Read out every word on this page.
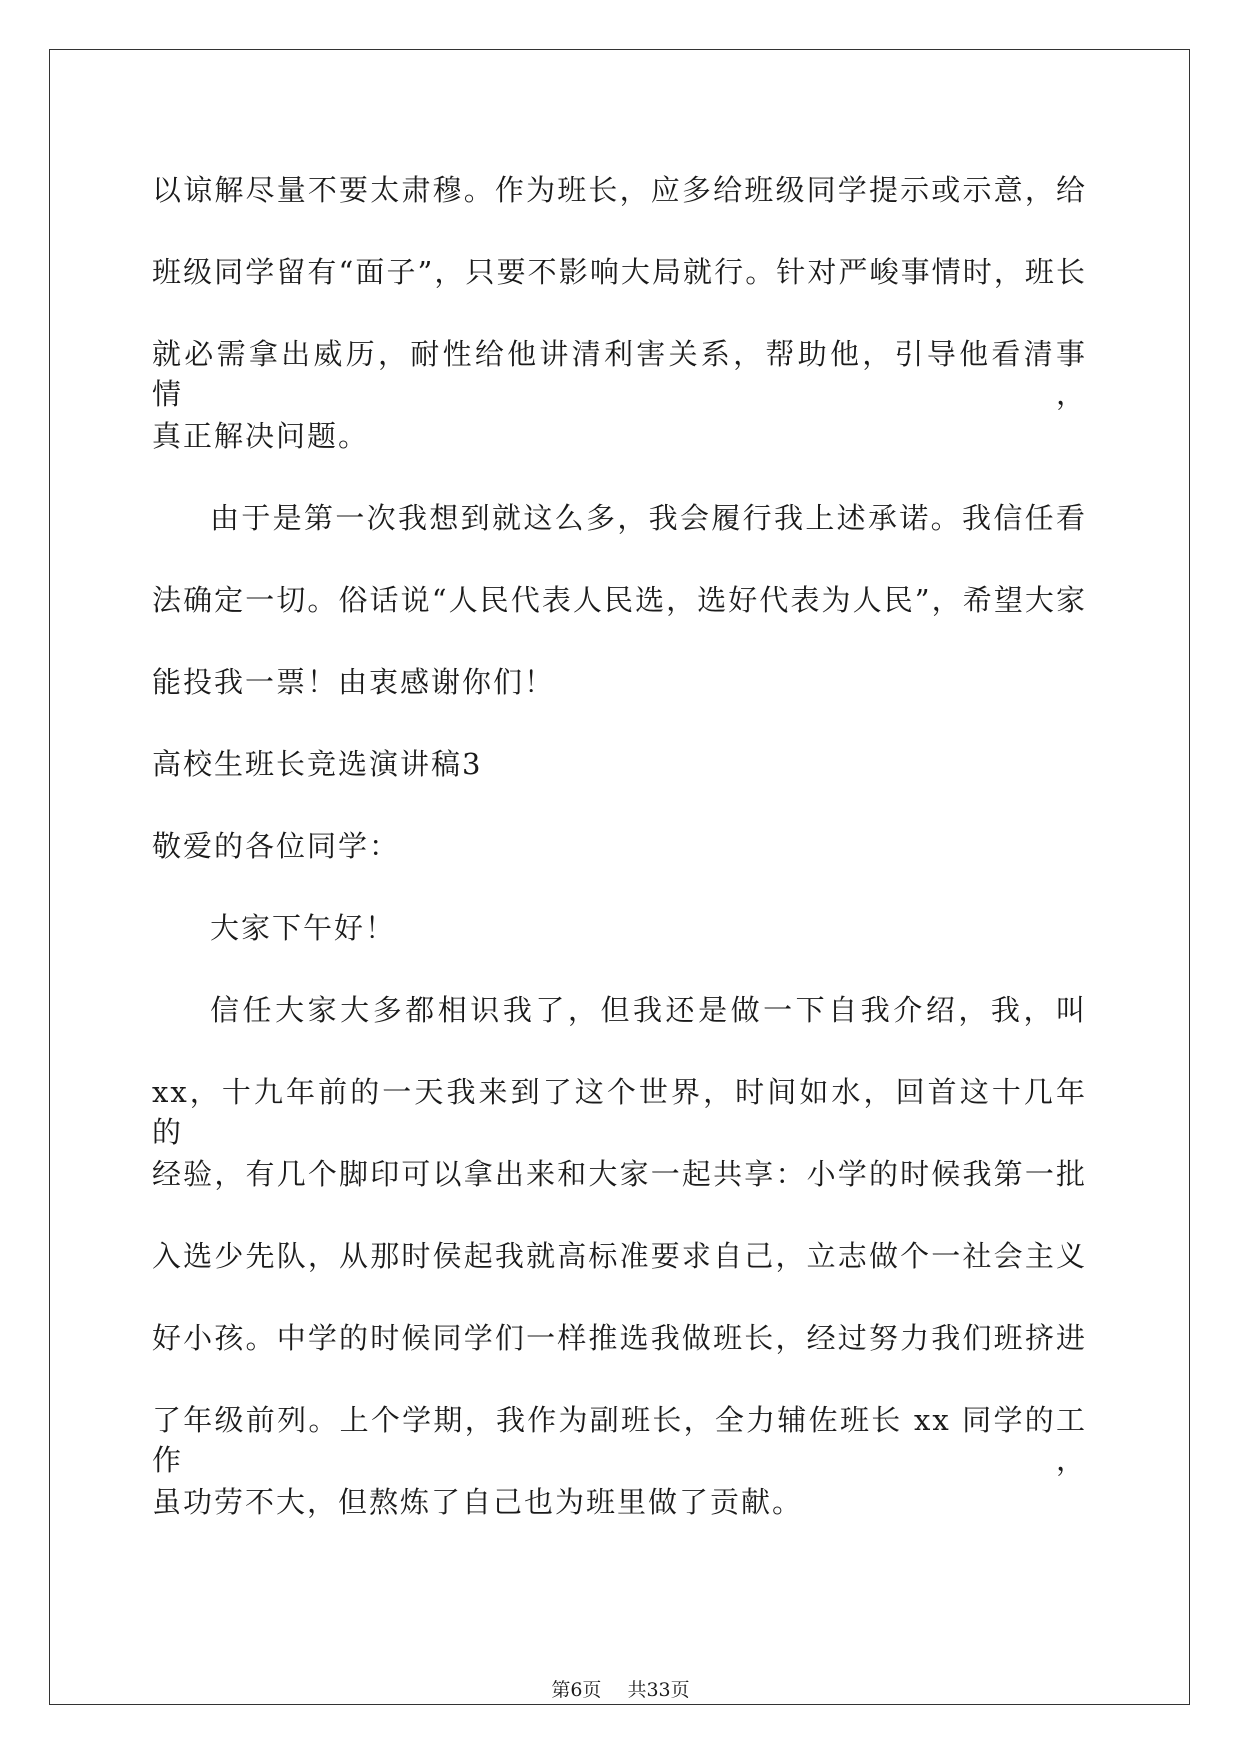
以谅解尽量不要太肃穆。作为班长，应多给班级同学提示或示意，给
班级同学留有“面子”，只要不影响大局就行。针对严峻事情时，班长
就必需拿出威历，耐性给他讲清利害关系，帮助他，引导他看清事情，
真正解决问题。
由于是第一次我想到就这么多，我会履行我上述承诺。我信任看
法确定一切。俗话说“人民代表人民选，选好代表为人民”，希望大家
能投我一票！由衷感谢你们！
高校生班长竞选演讲稿3
敬爱的各位同学：
大家下午好！
信任大家大多都相识我了，但我还是做一下自我介绍，我，叫
xx，十九年前的一天我来到了这个世界，时间如水，回首这十几年的
经验，有几个脚印可以拿出来和大家一起共享：小学的时候我第一批
入选少先队，从那时侯起我就高标准要求自己，立志做个一社会主义
好小孩。中学的时候同学们一样推选我做班长，经过努力我们班挤进
了年级前列。上个学期，我作为副班长，全力辅佐班长 xx 同学的工作，
虽功劳不大，但熬炼了自己也为班里做了贡献。
第6页 共33页
